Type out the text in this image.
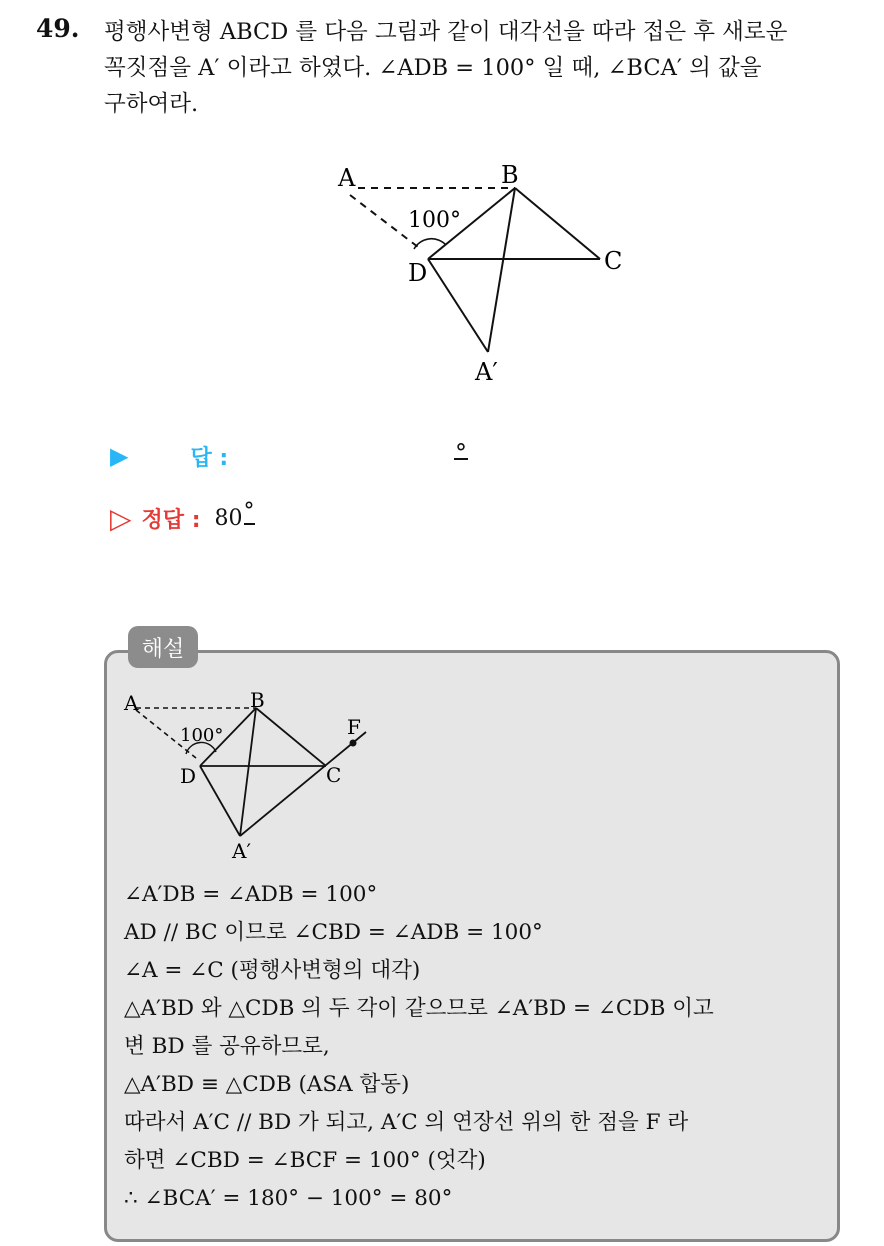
49. 평행사변형 ABCD 를 다음 그림과 같이 대각선을 따라 접은 후 새로운
꼭짓점을 A′ 이라고 하였다. ∠ADB = 100° 일 때, ∠BCA′ 의 값을
구하여라.

A	B
C
D
A′
100°
▶	답 :	°
▷ 정답 : 80 °
해설
A	B
C
D
F
A′
100°
∠A′DB = ∠ADB = 100°
AD // BC 이므로 ∠CBD = ∠ADB = 100°
∠A = ∠C (평행사변형의 대각)
△A′BD 와 △CDB 의 두 각이 같으므로 ∠A′BD = ∠CDB 이고
변 BD 를 공유하므로,
△A′BD ≡ △CDB (ASA 합동)
따라서 A′C // BD 가 되고, A′C 의 연장선 위의 한 점을 F 라
하면 ∠CBD = ∠BCF = 100° (엇각)
∴ ∠BCA′ = 180° − 100° = 80°
